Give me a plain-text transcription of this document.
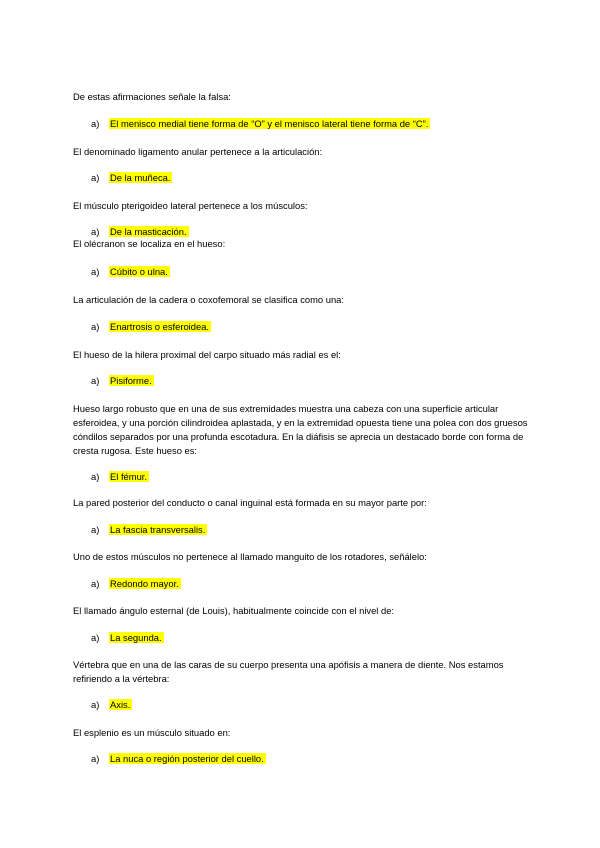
De estas afirmaciones señale la falsa:

a) El menisco medial tiene forma de “O” y el menisco lateral tiene forma de “C”.

El denominado ligamento anular pertenece a la articulación:

a) De la muñeca.

El músculo pterigoideo lateral pertenece a los músculos:

a) De la masticación.

El olécranon se localiza en el hueso:

a) Cúbito o ulna.

La articulación de la cadera o coxofemoral se clasifica como una:

a) Enartrosis o esferoidea.

El hueso de la hilera proximal del carpo situado más radial es el:

a) Pisiforme.

Hueso largo robusto que en una de sus extremidades muestra una cabeza con una superficie articular esferoidea, y una porción cilindroidea aplastada, y en la extremidad opuesta tiene una polea con dos gruesos cóndilos separados por una profunda escotadura. En la diáfisis se aprecia un destacado borde con forma de cresta rugosa. Este hueso es:

a) El fémur.

La pared posterior del conducto o canal inguinal está formada en su mayor parte por:

a) La fascia transversalis.

Uno de estos músculos no pertenece al llamado manguito de los rotadores, señálelo:

a) Redondo mayor.

El llamado ángulo esternal (de Louis), habitualmente coincide con el nivel de:

a) La segunda.

Vértebra que en una de las caras de su cuerpo presenta una apófisis a manera de diente. Nos estamos refiriendo a la vértebra:

a) Axis.

El esplenio es un músculo situado en:

a) La nuca o región posterior del cuello.
